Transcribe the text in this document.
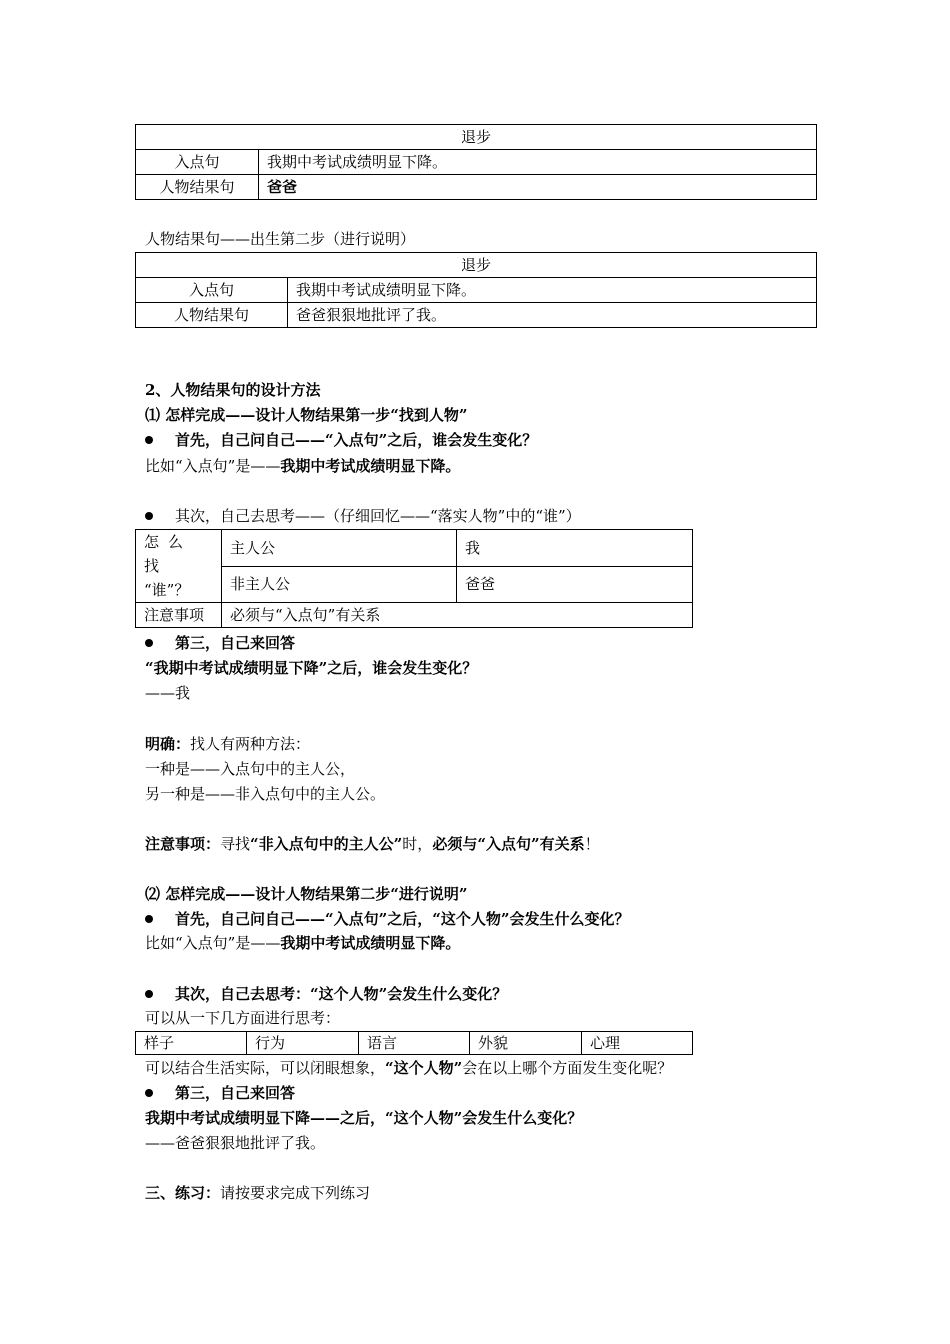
退步	
入点句	我期中考试成绩明显下降。
人物结果句	爸爸
人物结果句——出生第二步（进行说明）
退步	
入点句	我期中考试成绩明显下降。
人物结果句	爸爸狠狠地批评了我。
2、人物结果句的设计方法
⑴ 怎样完成——设计人物结果第一步“找到人物”
首先，自己问自己——“入点句”之后，谁会发生变化？
比如“入点句”是——我期中考试成绩明显下降。
其次，自己去思考——（仔细回忆——“落实人物”中的“谁”）
怎么找
“谁”？	主人公	我
	非主人公	爸爸
注意事项	必须与“入点句”有关系	
第三，自己来回答
“我期中考试成绩明显下降”之后，谁会发生变化？
——我
明确：找人有两种方法：
一种是——入点句中的主人公，
另一种是——非入点句中的主人公。
注意事项：寻找“非入点句中的主人公”时，必须与“入点句”有关系！
⑵ 怎样完成——设计人物结果第二步“进行说明”
首先，自己问自己——“入点句”之后，“这个人物”会发生什么变化？
比如“入点句”是——我期中考试成绩明显下降。
其次，自己去思考：“这个人物”会发生什么变化？
可以从一下几方面进行思考：
样子	行为	语言	外貌	心理
可以结合生活实际，可以闭眼想象，“这个人物”会在以上哪个方面发生变化呢？
第三，自己来回答
我期中考试成绩明显下降——之后，“这个人物”会发生什么变化？
——爸爸狠狠地批评了我。
三、练习：请按要求完成下列练习
